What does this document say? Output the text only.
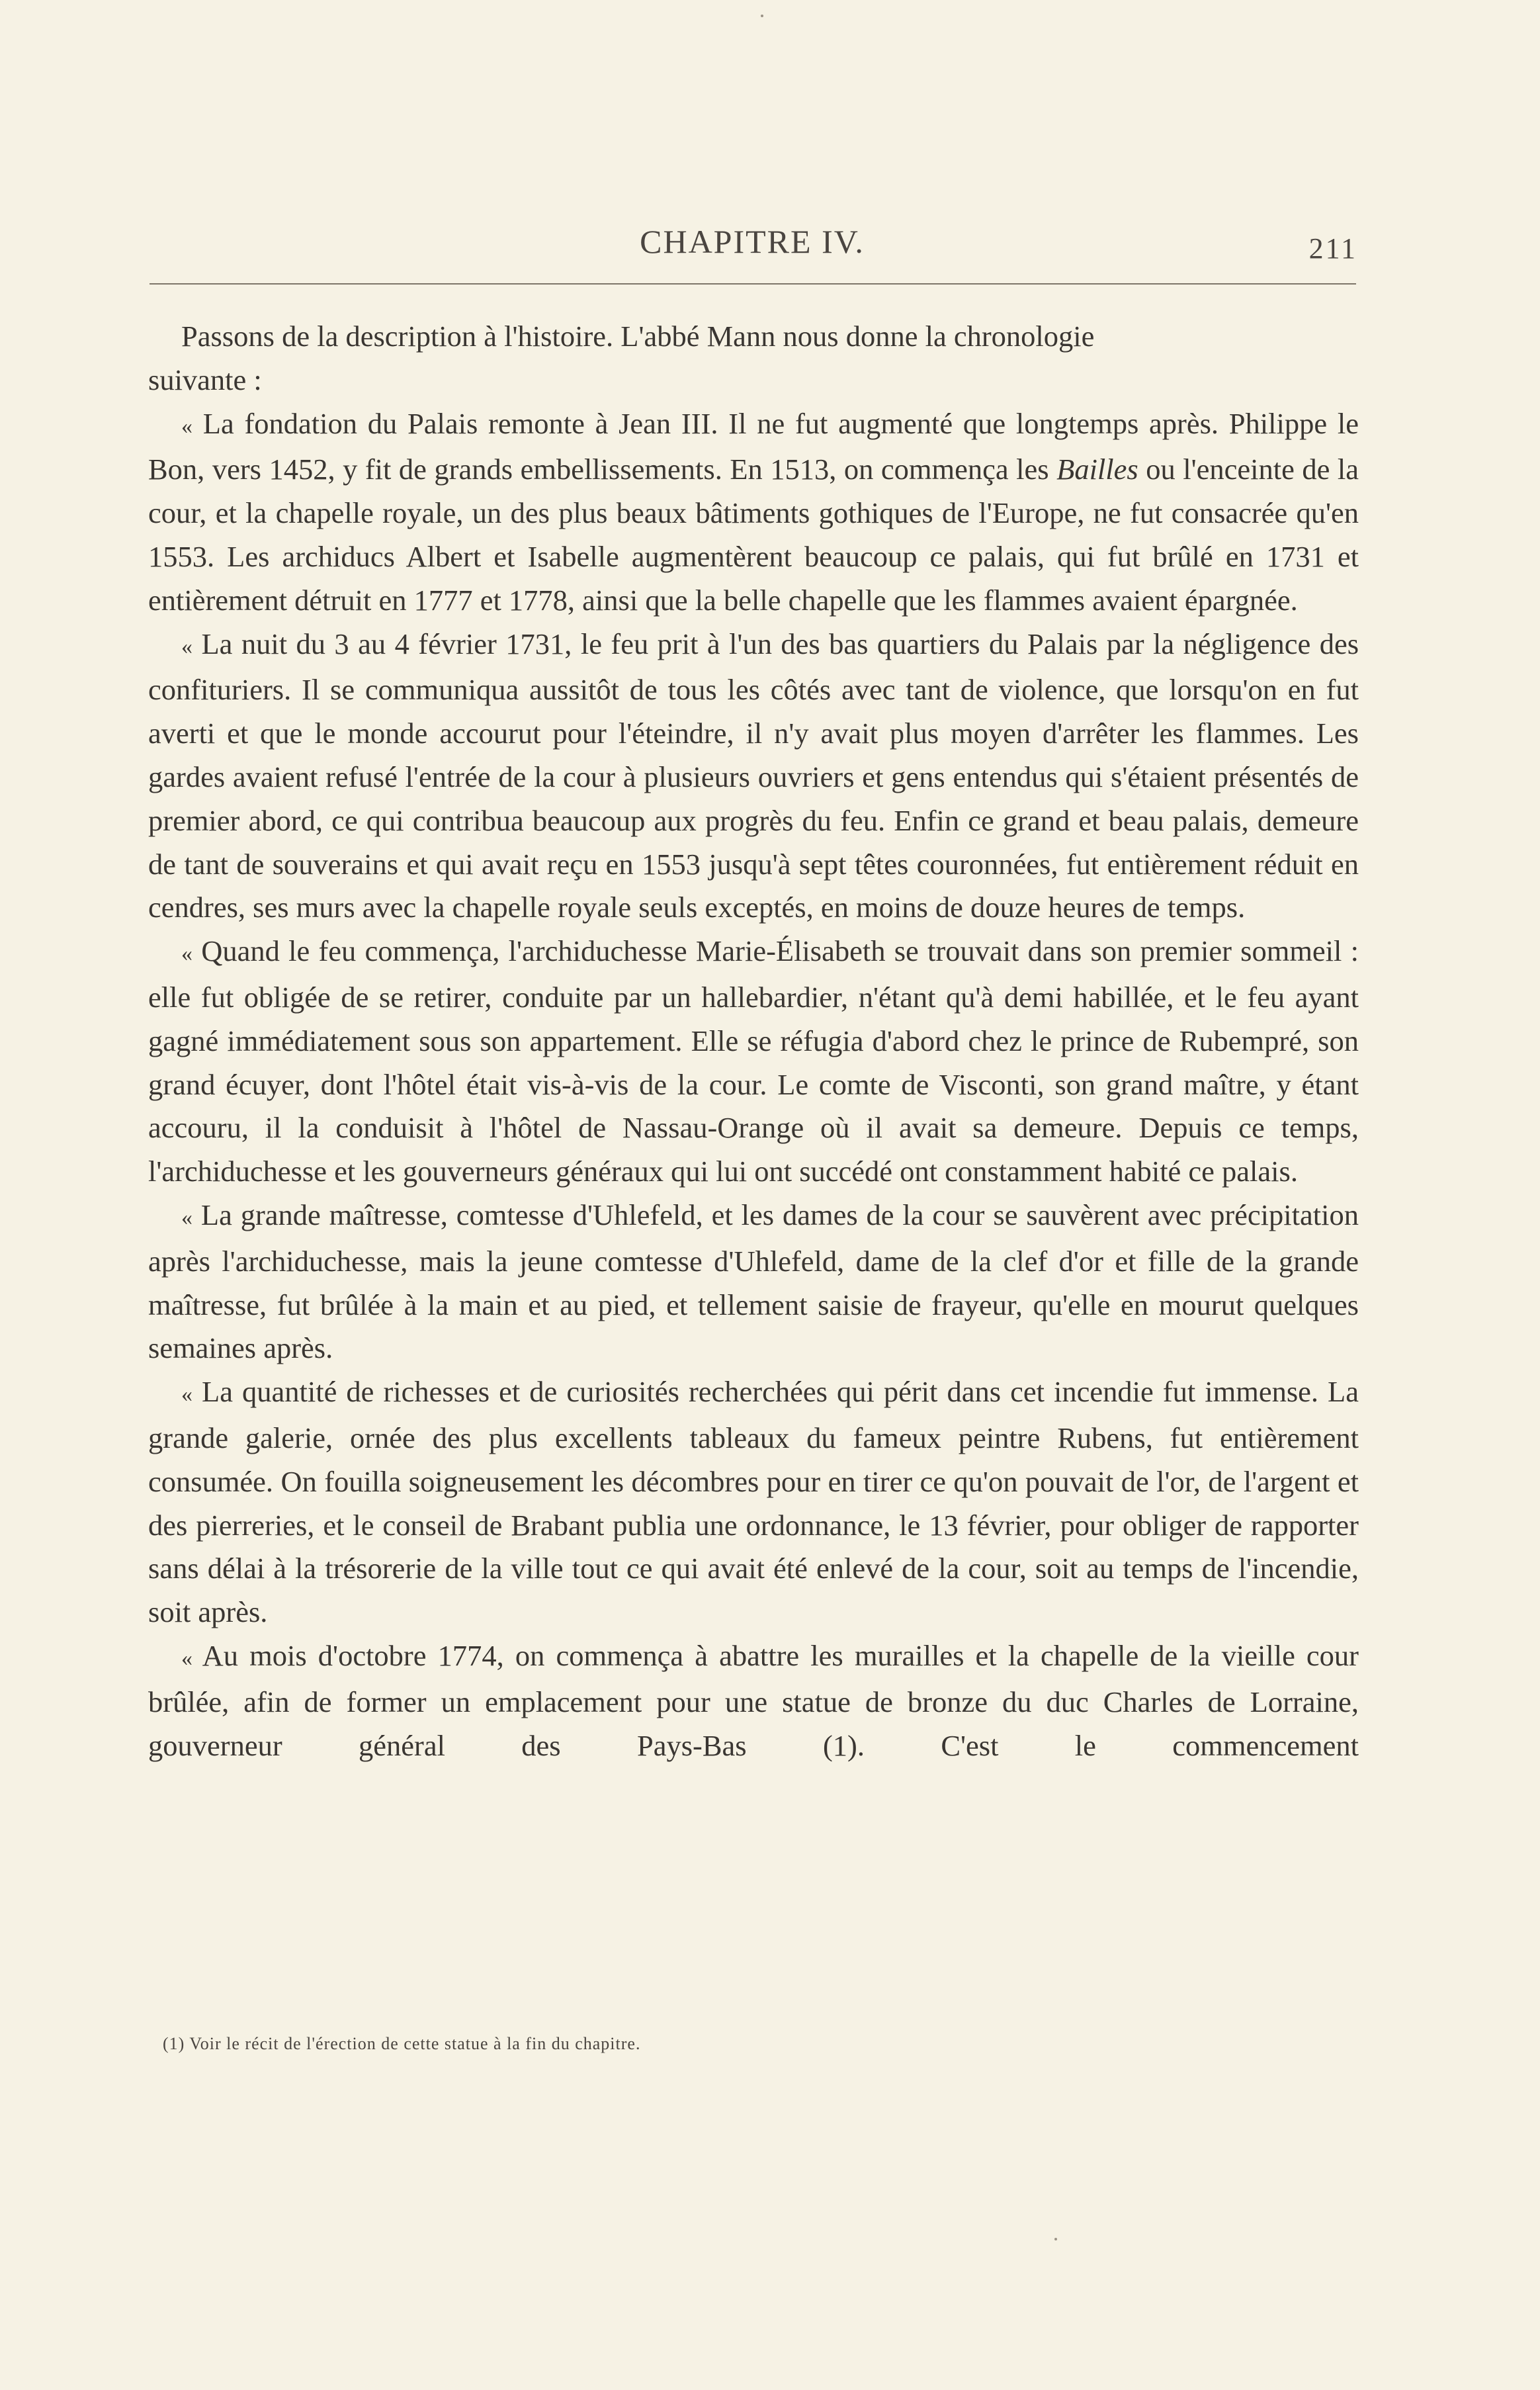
CHAPITRE IV.	211

Passons de la description à l'histoire. L'abbé Mann nous donne la chronologie
suivante :

« La fondation du Palais remonte à Jean III. Il ne fut augmenté que longtemps après. Philippe le Bon, vers 1452, y fit de grands embellissements. En 1513, on commença les Bailles ou l'enceinte de la cour, et la chapelle royale, un des plus beaux bâtiments gothiques de l'Europe, ne fut consacrée qu'en 1553. Les archiducs Albert et Isabelle augmentèrent beaucoup ce palais, qui fut brûlé en 1731 et entièrement détruit en 1777 et 1778, ainsi que la belle chapelle que les flammes avaient épargnée.

« La nuit du 3 au 4 février 1731, le feu prit à l'un des bas quartiers du Palais par la négligence des confituriers. Il se communiqua aussitôt de tous les côtés avec tant de violence, que lorsqu'on en fut averti et que le monde accourut pour l'éteindre, il n'y avait plus moyen d'arrêter les flammes. Les gardes avaient refusé l'entrée de la cour à plusieurs ouvriers et gens entendus qui s'étaient présentés de premier abord, ce qui contribua beaucoup aux progrès du feu. Enfin ce grand et beau palais, demeure de tant de souverains et qui avait reçu en 1553 jusqu'à sept têtes couronnées, fut entièrement réduit en cendres, ses murs avec la chapelle royale seuls exceptés, en moins de douze heures de temps.

« Quand le feu commença, l'archiduchesse Marie-Élisabeth se trouvait dans son premier sommeil : elle fut obligée de se retirer, conduite par un hallebardier, n'étant qu'à demi habillée, et le feu ayant gagné immédiatement sous son appartement. Elle se réfugia d'abord chez le prince de Rubempré, son grand écuyer, dont l'hôtel était vis-à-vis de la cour. Le comte de Visconti, son grand maître, y étant accouru, il la conduisit à l'hôtel de Nassau-Orange où il avait sa demeure. Depuis ce temps, l'archiduchesse et les gouverneurs généraux qui lui ont succédé ont constamment habité ce palais.

« La grande maîtresse, comtesse d'Uhlefeld, et les dames de la cour se sauvèrent avec précipitation après l'archiduchesse, mais la jeune comtesse d'Uhlefeld, dame de la clef d'or et fille de la grande maîtresse, fut brûlée à la main et au pied, et tellement saisie de frayeur, qu'elle en mourut quelques semaines après.

« La quantité de richesses et de curiosités recherchées qui périt dans cet incendie fut immense. La grande galerie, ornée des plus excellents tableaux du fameux peintre Rubens, fut entièrement consumée. On fouilla soigneusement les décombres pour en tirer ce qu'on pouvait de l'or, de l'argent et des pierreries, et le conseil de Brabant publia une ordonnance, le 13 février, pour obliger de rapporter sans délai à la trésorerie de la ville tout ce qui avait été enlevé de la cour, soit au temps de l'incendie, soit après.

« Au mois d'octobre 1774, on commença à abattre les murailles et la chapelle de la vieille cour brûlée, afin de former un emplacement pour une statue de bronze du duc Charles de Lorraine, gouverneur général des Pays-Bas (1). C'est le commencement

(1) Voir le récit de l'érection de cette statue à la fin du chapitre.
